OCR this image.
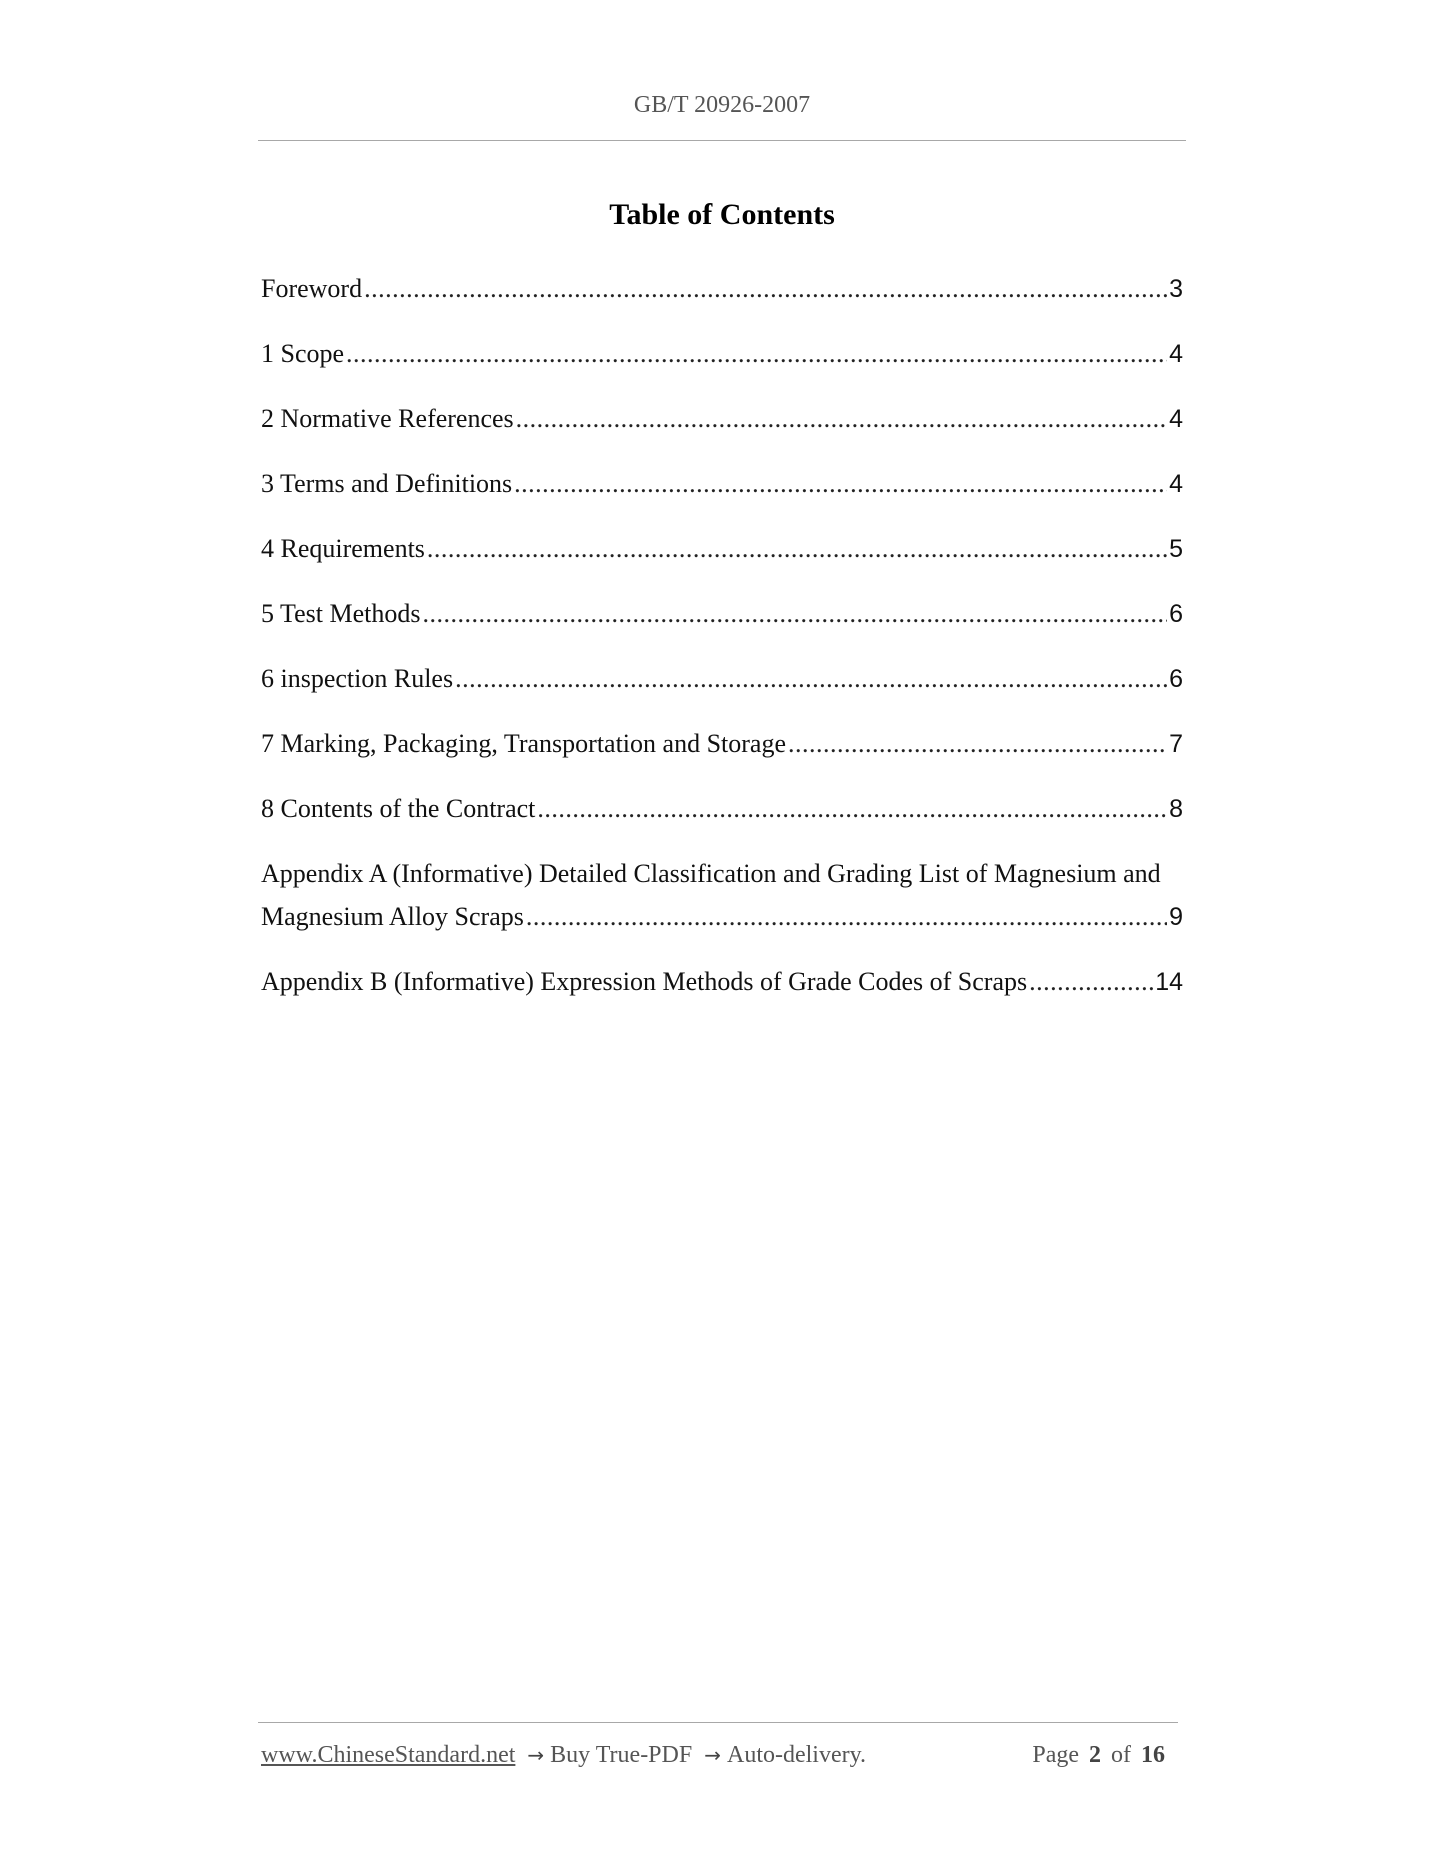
GB/T 20926-2007
Table of Contents
Foreword .....	3
1 Scope .....	4
2 Normative References .....	4
3 Terms and Definitions .....	4
4 Requirements .....	5
5 Test Methods .....	6
6 inspection Rules .....	6
7 Marking, Packaging, Transportation and Storage .....	7
8 Contents of the Contract .....	8
Appendix A (Informative) Detailed Classification and Grading List of Magnesium and
Magnesium Alloy Scraps .....	9
Appendix B (Informative) Expression Methods of Grade Codes of Scraps .....	14
www.ChineseStandard.net → Buy True-PDF → Auto-delivery.	Page 2 of 16
